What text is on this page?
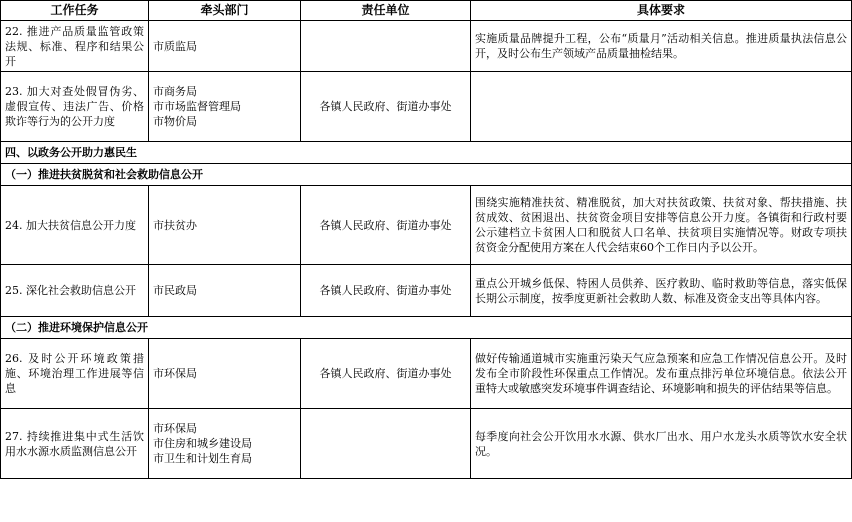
工作任务	牵头部门	责任单位	具体要求
22. 推进产品质量监管政策法规、标准、程序和结果公开	市质监局		实施质量品牌提升工程，公布“质量月”活动相关信息。推进质量执法信息公开，及时公布生产领域产品质量抽检结果。
23. 加大对查处假冒伪劣、虚假宣传、违法广告、价格欺诈等行为的公开力度	市商务局
市市场监督管理局
市物价局	各镇人民政府、街道办事处	
四、以政务公开助力惠民生			
（一）推进扶贫脱贫和社会救助信息公开			
24. 加大扶贫信息公开力度	市扶贫办	各镇人民政府、街道办事处	围绕实施精准扶贫、精准脱贫，加大对扶贫政策、扶贫对象、帮扶措施、扶贫成效、贫困退出、扶贫资金项目安排等信息公开力度。各镇街和行政村要公示建档立卡贫困人口和脱贫人口名单、扶贫项目实施情况等。财政专项扶贫资金分配使用方案在人代会结束60个工作日内予以公开。
25. 深化社会救助信息公开	市民政局	各镇人民政府、街道办事处	重点公开城乡低保、特困人员供养、医疗救助、临时救助等信息，落实低保长期公示制度，按季度更新社会救助人数、标准及资金支出等具体内容。
（二）推进环境保护信息公开			
26. 及时公开环境政策措施、环境治理工作进展等信息	市环保局	各镇人民政府、街道办事处	做好传输通道城市实施重污染天气应急预案和应急工作情况信息公开。及时发布全市阶段性环保重点工作情况。发布重点排污单位环境信息。依法公开重特大或敏感突发环境事件调查结论、环境影响和损失的评估结果等信息。
27. 持续推进集中式生活饮用水水源水质监测信息公开	市环保局
市住房和城乡建设局
市卫生和计划生育局		每季度向社会公开饮用水水源、供水厂出水、用户水龙头水质等饮水安全状况。
